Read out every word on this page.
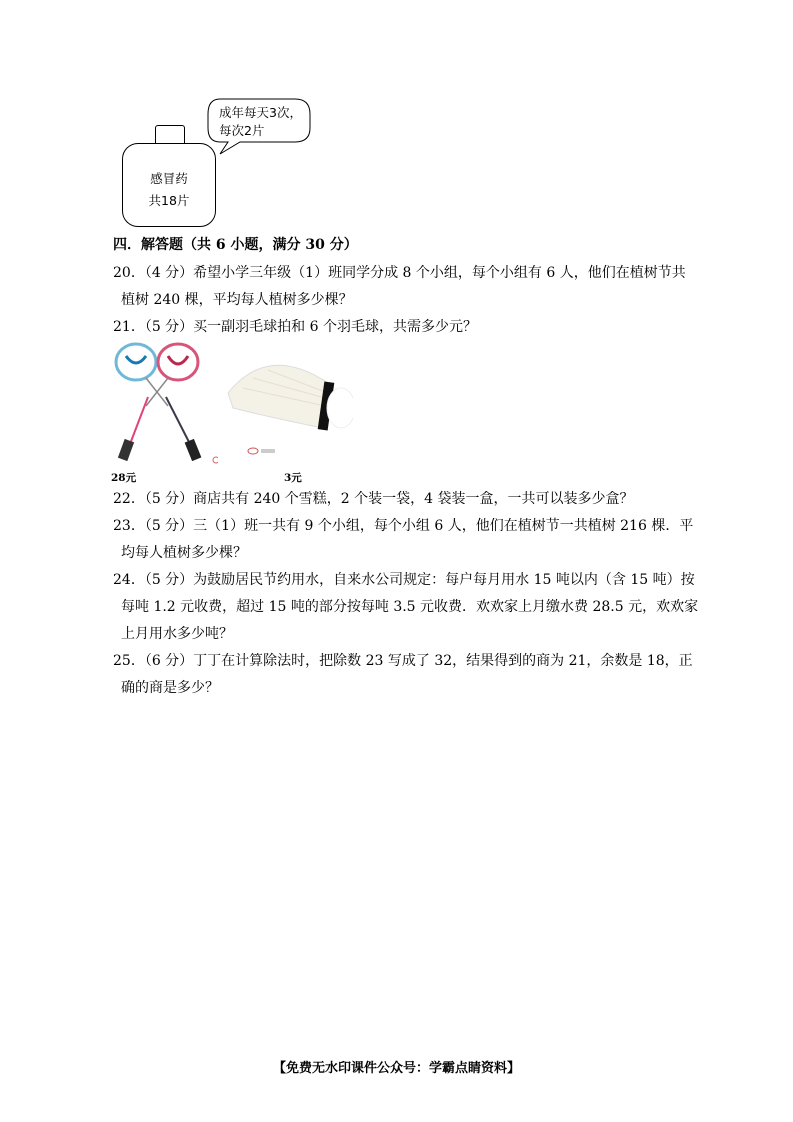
感冒药
共18片
成年每天3次，
每次2片
四．解答题（共 6 小题，满分 30 分）
20．（4 分）希望小学三年级（1）班同学分成 8 个小组，每个小组有 6 人，他们在植树节共
植树 240 棵，平均每人植树多少棵？
21．（5 分）买一副羽毛球拍和 6 个羽毛球，共需多少元？
28元	3元
22．（5 分）商店共有 240 个雪糕，2 个装一袋，4 袋装一盒，一共可以装多少盒？
23．（5 分）三（1）班一共有 9 个小组，每个小组 6 人，他们在植树节一共植树 216 棵．平
均每人植树多少棵？
24．（5 分）为鼓励居民节约用水，自来水公司规定：每户每月用水 15 吨以内（含 15 吨）按
每吨 1.2 元收费，超过 15 吨的部分按每吨 3.5 元收费．欢欢家上月缴水费 28.5 元，欢欢家
上月用水多少吨？
25．（6 分）丁丁在计算除法时，把除数 23 写成了 32，结果得到的商为 21，余数是 18，正
确的商是多少？
【免费无水印课件公众号：学霸点睛资料】
